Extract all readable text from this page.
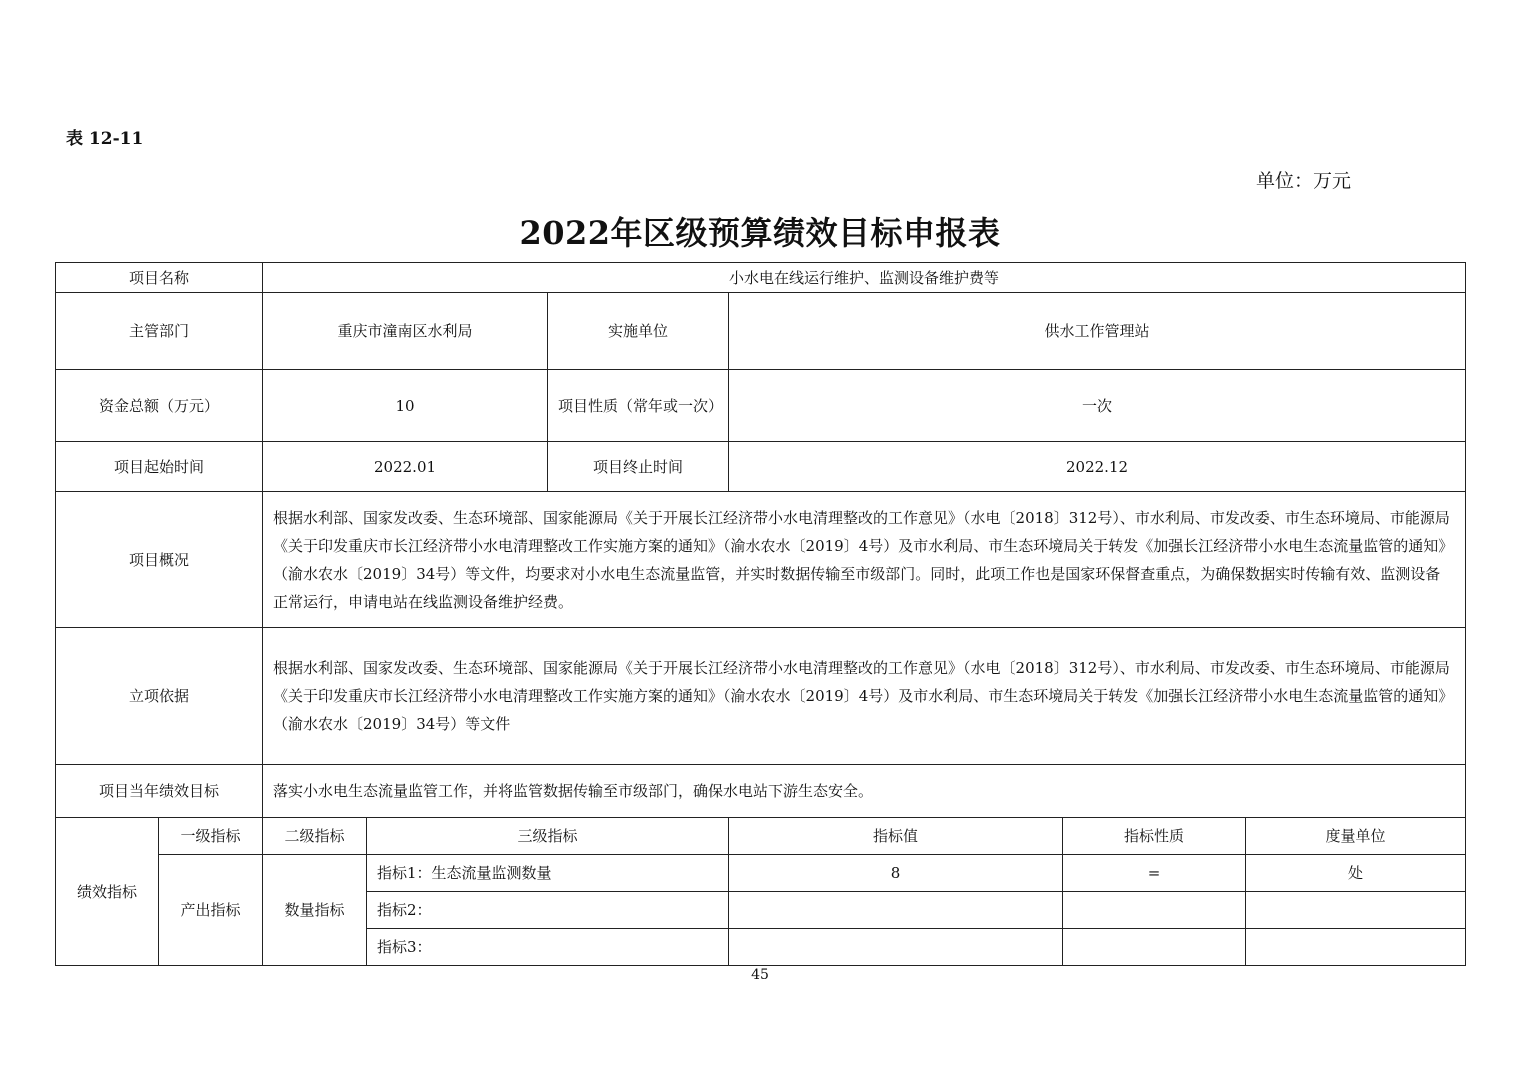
表 12-11
单位：万元
2022年区级预算绩效目标申报表
项目名称		小水电在线运行维护、监测设备维护费等					
主管部门		重庆市潼南区水利局		实施单位	供水工作管理站		
资金总额（万元）		10		项目性质（常年或一次）	一次		
项目起始时间		2022.01		项目终止时间	2022.12		
项目概况		根据水利部、国家发改委、生态环境部、国家能源局《关于开展长江经济带小水电清理整改的工作意见》（水电〔2018〕312号）、市水利局、市发改委、市生态环境局、市能源局《关于印发重庆市长江经济带小水电清理整改工作实施方案的通知》（渝水农水〔2019〕4号）及市水利局、市生态环境局关于转发《加强长江经济带小水电生态流量监管的通知》（渝水农水〔2019〕34号）等文件，均要求对小水电生态流量监管，并实时数据传输至市级部门。同时，此项工作也是国家环保督查重点，为确保数据实时传输有效、监测设备正常运行，申请电站在线监测设备维护经费。					
立项依据		根据水利部、国家发改委、生态环境部、国家能源局《关于开展长江经济带小水电清理整改的工作意见》（水电〔2018〕312号）、市水利局、市发改委、市生态环境局、市能源局《关于印发重庆市长江经济带小水电清理整改工作实施方案的通知》（渝水农水〔2019〕4号）及市水利局、市生态环境局关于转发《加强长江经济带小水电生态流量监管的通知》（渝水农水〔2019〕34号）等文件					
项目当年绩效目标		落实小水电生态流量监管工作，并将监管数据传输至市级部门，确保水电站下游生态安全。					
绩效指标	一级指标	二级指标	三级指标		指标值	指标性质	度量单位
	产出指标	数量指标	指标1：生态流量监测数量		8	=	处
			指标2：				
			指标3：				
45
